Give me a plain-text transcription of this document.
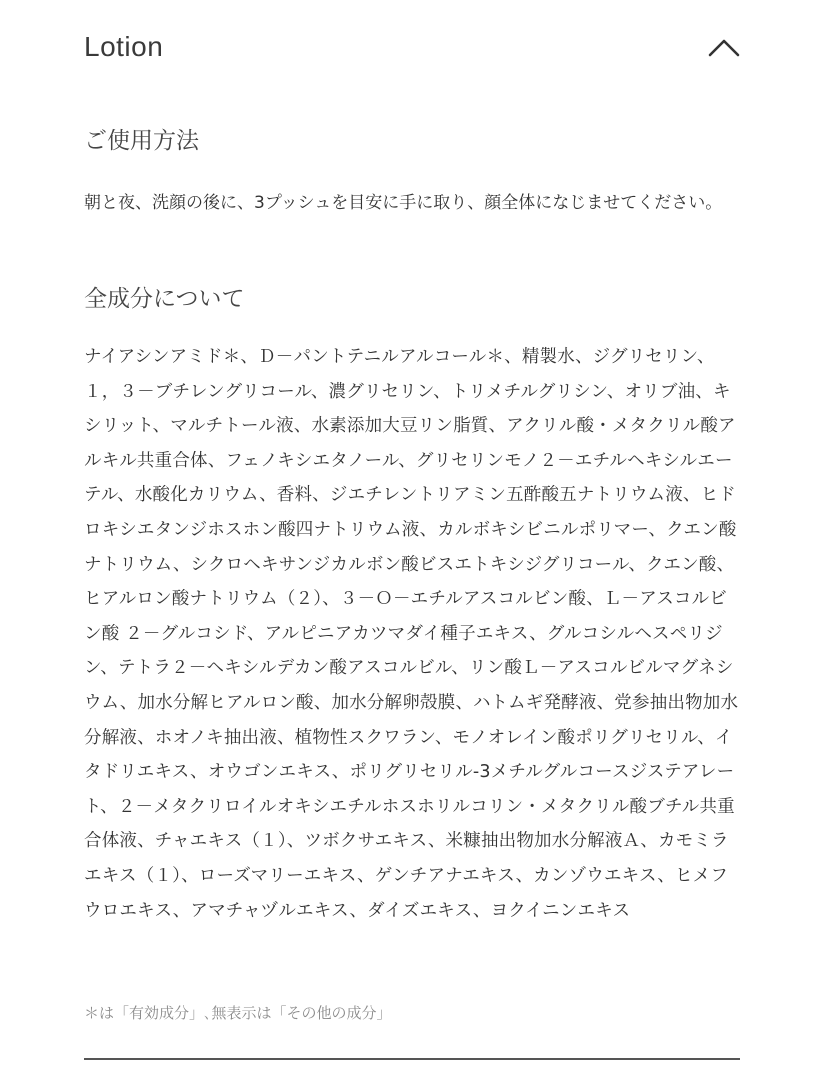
Lotion
ご使用方法

朝と夜、洗顔の後に、3プッシュを目安に手に取り、顔全体になじませてください。

全成分について

ナイアシンアミド＊、Ｄ－パントテニルアルコール＊、精製水、ジグリセリン、１，３－ブチレングリコール、濃グリセリン、トリメチルグリシン、オリブ油、キシリット、マルチトール液、水素添加大豆リン脂質、アクリル酸・メタクリル酸アルキル共重合体、フェノキシエタノール、グリセリンモノ２－エチルヘキシルエーテル、水酸化カリウム、香料、ジエチレントリアミン五酢酸五ナトリウム液、ヒドロキシエタンジホスホン酸四ナトリウム液、カルボキシビニルポリマー、クエン酸ナトリウム、シクロヘキサンジカルボン酸ビスエトキシジグリコール、クエン酸、ヒアルロン酸ナトリウム（２）、３－Ｏ－エチルアスコルビン酸、Ｌ－アスコルビン酸 ２－グルコシド、アルピニアカツマダイ種子エキス、グルコシルヘスペリジン、テトラ２－ヘキシルデカン酸アスコルビル、リン酸Ｌ－アスコルビルマグネシウム、加水分解ヒアルロン酸、加水分解卵殻膜、ハトムギ発酵液、党参抽出物加水分解液、ホオノキ抽出液、植物性スクワラン、モノオレイン酸ポリグリセリル、イタドリエキス、オウゴンエキス、ポリグリセリル-3メチルグルコースジステアレート、２－メタクリロイルオキシエチルホスホリルコリン・メタクリル酸ブチル共重合体液、チャエキス（１）、ツボクサエキス、米糠抽出物加水分解液Ａ、カモミラエキス（１）、ローズマリーエキス、ゲンチアナエキス、カンゾウエキス、ヒメフウロエキス、アマチャヅルエキス、ダイズエキス、ヨクイニンエキス

＊は「有効成分」､無表示は「その他の成分」
